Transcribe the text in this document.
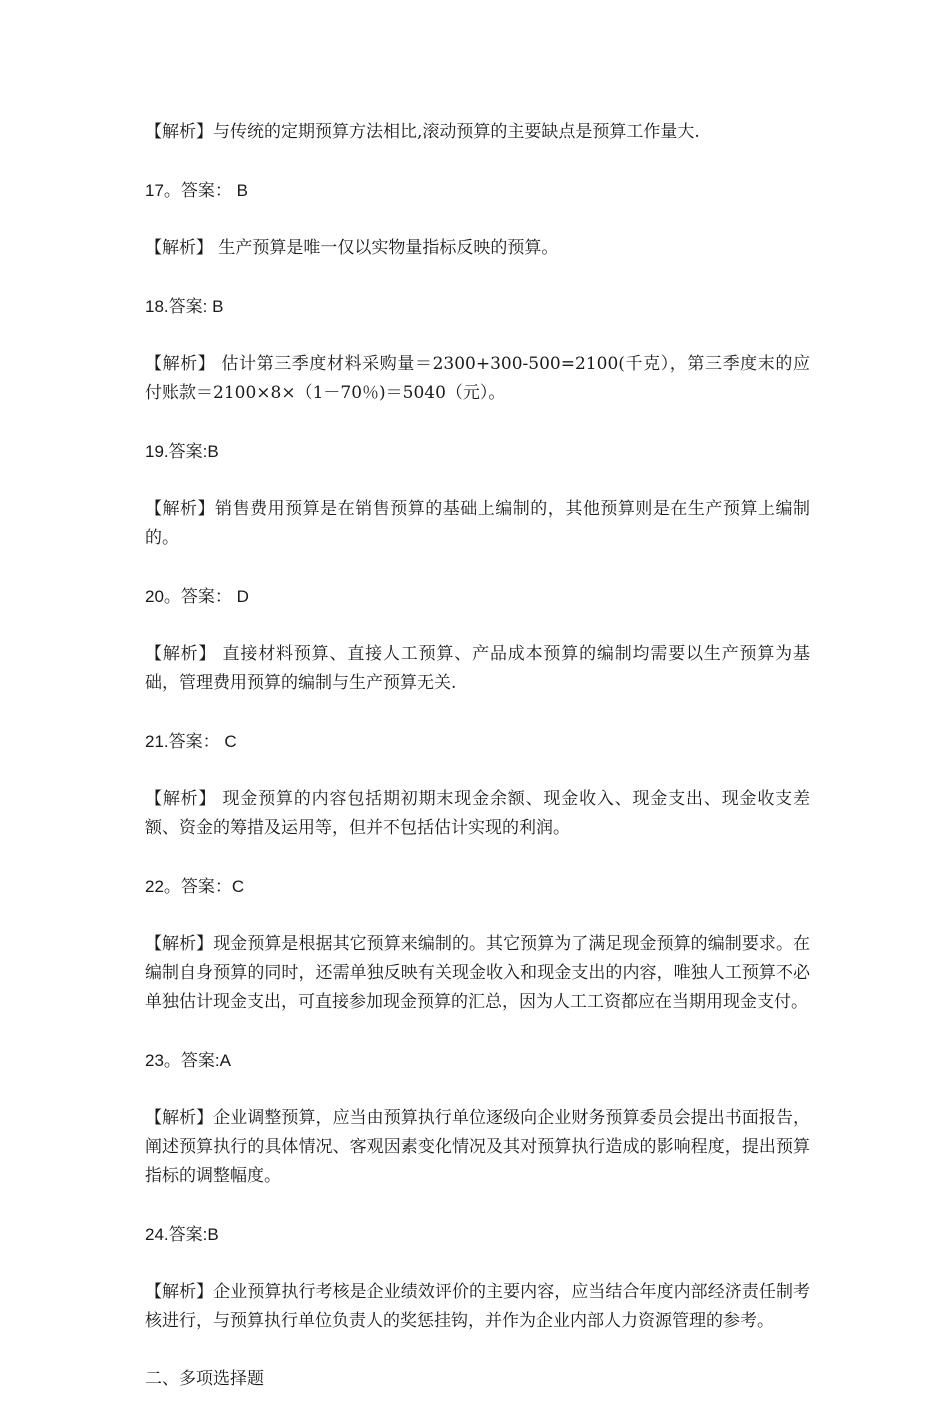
【解析】与传统的定期预算方法相比,滚动预算的主要缺点是预算工作量大.

17。答案： B

【解析】 生产预算是唯一仅以实物量指标反映的预算。

18.答案: B

【解析】 估计第三季度材料采购量＝2300+300-500=2100(千克），第三季度末的应付账款＝2100×8×（1－70％)＝5040（元）。

19.答案:B

【解析】销售费用预算是在销售预算的基础上编制的，其他预算则是在生产预算上编制的。

20。答案： D

【解析】 直接材料预算、直接人工预算、产品成本预算的编制均需要以生产预算为基础，管理费用预算的编制与生产预算无关.

21.答案： C

【解析】 现金预算的内容包括期初期末现金余额、现金收入、现金支出、现金收支差额、资金的筹措及运用等，但并不包括估计实现的利润。

22。答案：C

【解析】现金预算是根据其它预算来编制的。其它预算为了满足现金预算的编制要求。在编制自身预算的同时，还需单独反映有关现金收入和现金支出的内容，唯独人工预算不必单独估计现金支出，可直接参加现金预算的汇总，因为人工工资都应在当期用现金支付。

23。答案:A

【解析】企业调整预算，应当由预算执行单位逐级向企业财务预算委员会提出书面报告，阐述预算执行的具体情况、客观因素变化情况及其对预算执行造成的影响程度，提出预算指标的调整幅度。

24.答案:B

【解析】企业预算执行考核是企业绩效评价的主要内容，应当结合年度内部经济责任制考核进行，与预算执行单位负责人的奖惩挂钩，并作为企业内部人力资源管理的参考。

二、多项选择题
